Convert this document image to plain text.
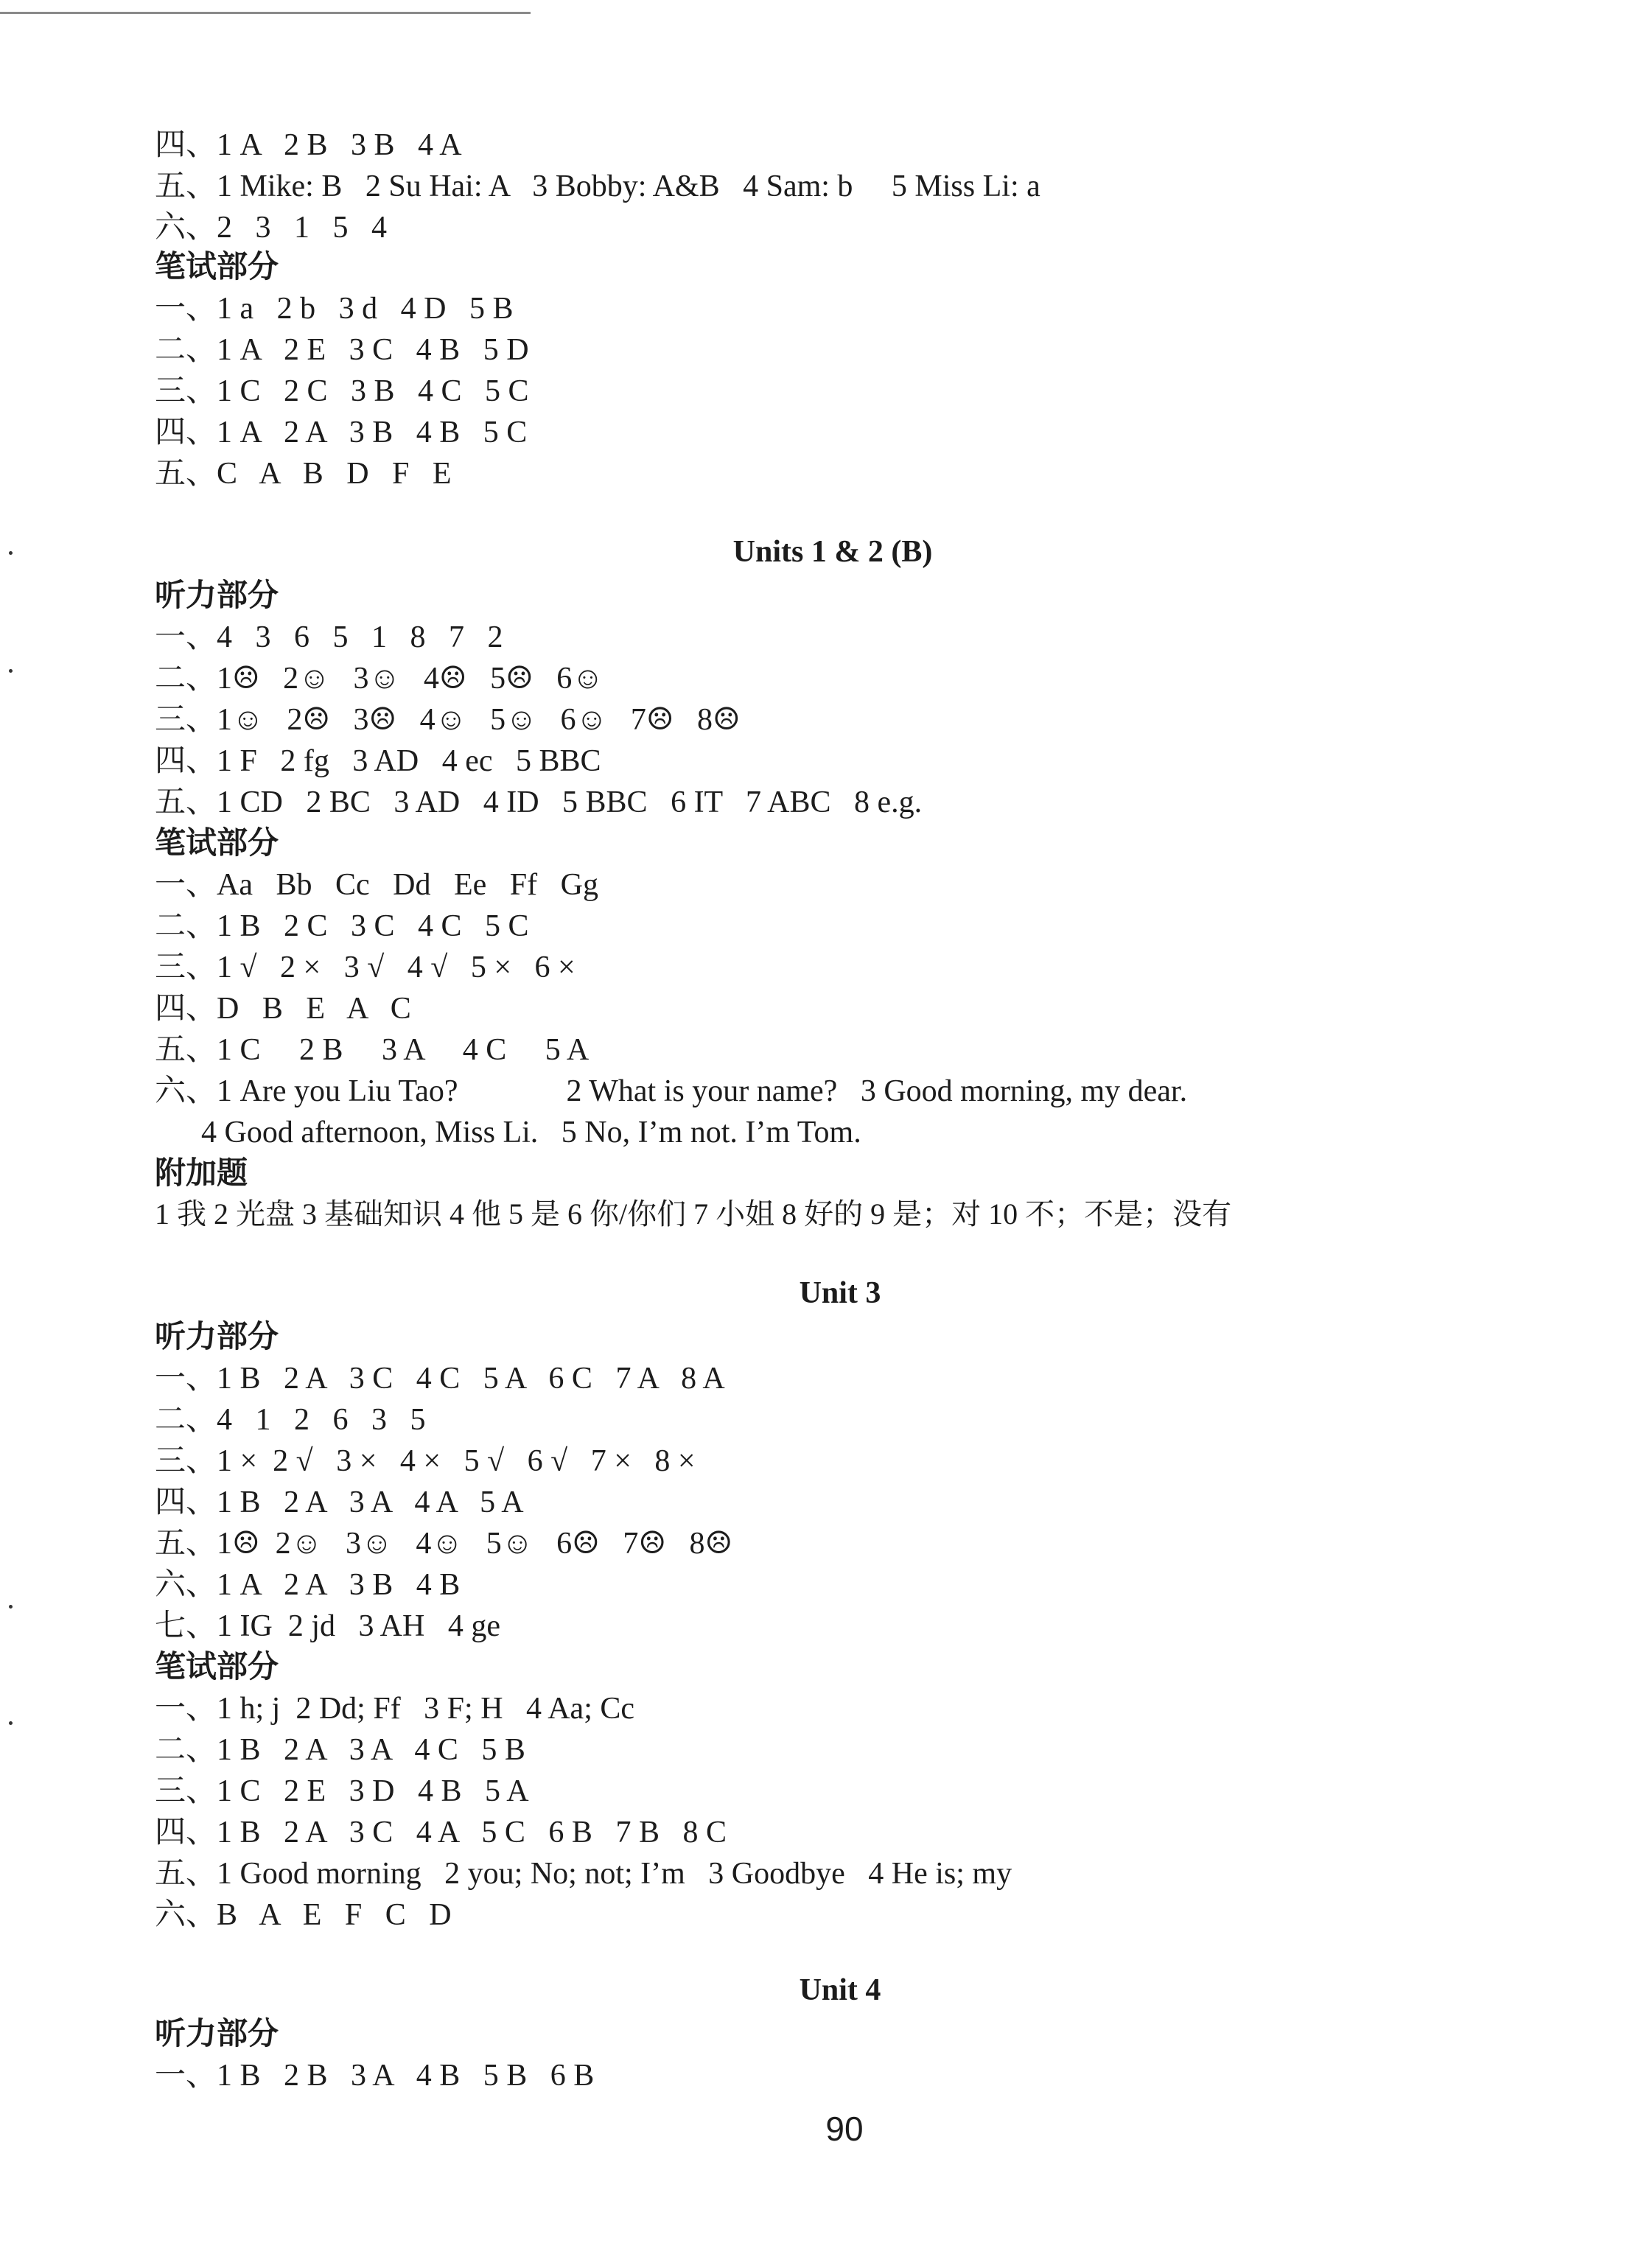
四、1 A   2 B   3 B   4 A
五、1 Mike: B   2 Su Hai: A   3 Bobby: A&B   4 Sam: b     5 Miss Li: a
六、2   3   1   5   4
笔试部分
一、1 a   2 b   3 d   4 D   5 B
二、1 A   2 E   3 C   4 B   5 D
三、1 C   2 C   3 B   4 C   5 C
四、1 A   2 A   3 B   4 B   5 C
五、C   A   B   D   F   E
Units 1 & 2 (B)
听力部分
一、4   3   6   5   1   8   7   2
二、1☹   2☺   3☺   4☹   5☹   6☺
三、1☺   2☹   3☹   4☺   5☺   6☺   7☹   8☹
四、1 F   2 fg   3 AD   4 ec   5 BBC
五、1 CD   2 BC   3 AD   4 ID   5 BBC   6 IT   7 ABC   8 e.g.
笔试部分
一、Aa   Bb   Cc   Dd   Ee   Ff   Gg
二、1 B   2 C   3 C   4 C   5 C
三、1 √   2 ×   3 √   4 √   5 ×   6 ×
四、D   B   E   A   C
五、1 C     2 B     3 A     4 C     5 A
六、1 Are you Liu Tao?              2 What is your name?   3 Good morning, my dear.
4 Good afternoon, Miss Li.   5 No, I’m not. I’m Tom.
附加题
1 我 2 光盘 3 基础知识 4 他 5 是 6 你/你们 7 小姐 8 好的 9 是；对 10 不；不是；没有
Unit 3
听力部分
一、1 B   2 A   3 C   4 C   5 A   6 C   7 A   8 A
二、4   1   2   6   3   5
三、1 ×  2 √   3 ×   4 ×   5 √   6 √   7 ×   8 ×
四、1 B   2 A   3 A   4 A   5 A
五、1☹  2☺   3☺   4☺   5☺   6☹   7☹   8☹
六、1 A   2 A   3 B   4 B
七、1 IG  2 jd   3 AH   4 ge
笔试部分
一、1 h; j  2 Dd; Ff   3 F; H   4 Aa; Cc
二、1 B   2 A   3 A   4 C   5 B
三、1 C   2 E   3 D   4 B   5 A
四、1 B   2 A   3 C   4 A   5 C   6 B   7 B   8 C
五、1 Good morning   2 you; No; not; I’m   3 Goodbye   4 He is; my
六、B   A   E   F   C   D
Unit 4
听力部分
一、1 B   2 B   3 A   4 B   5 B   6 B
90
